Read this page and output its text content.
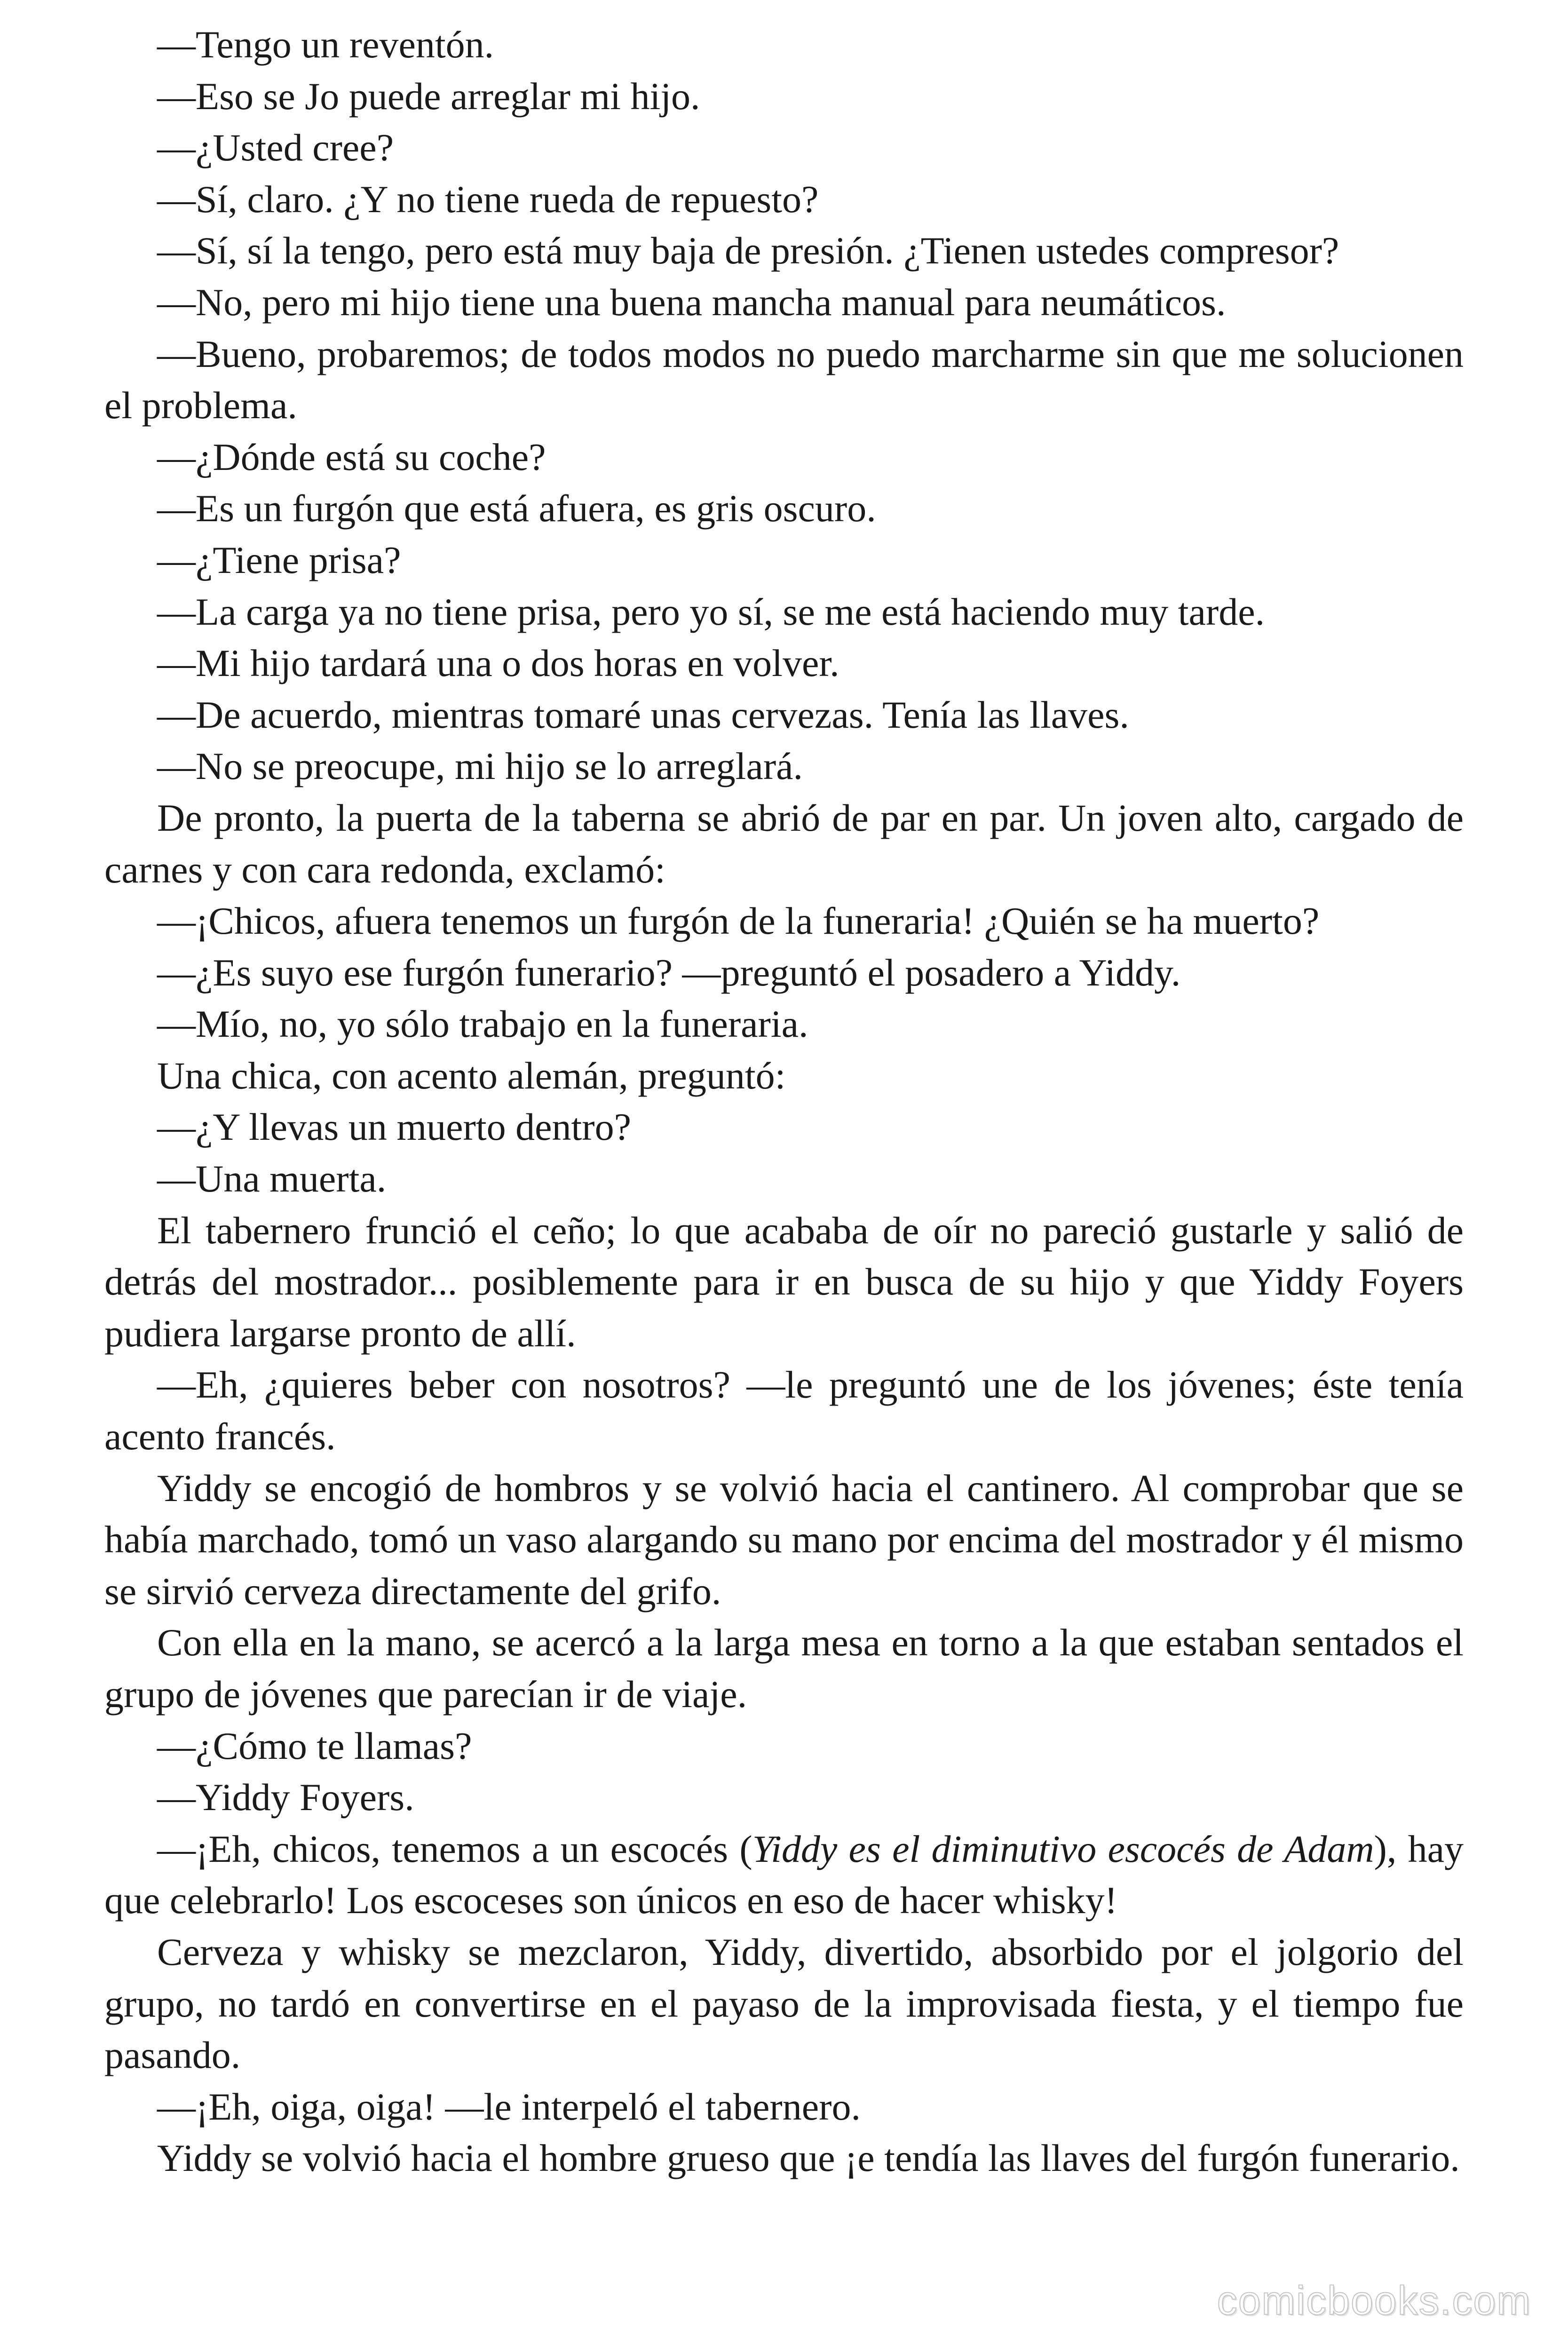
—Tengo un reventón.

—Eso se Jo puede arreglar mi hijo.

—¿Usted cree?

—Sí, claro. ¿Y no tiene rueda de repuesto?

—Sí, sí la tengo, pero está muy baja de presión. ¿Tienen ustedes compresor?

—No, pero mi hijo tiene una buena mancha manual para neumáticos.

—Bueno, probaremos; de todos modos no puedo marcharme sin que me solucionen el problema.

—¿Dónde está su coche?

—Es un furgón que está afuera, es gris oscuro.

—¿Tiene prisa?

—La carga ya no tiene prisa, pero yo sí, se me está haciendo muy tarde.

—Mi hijo tardará una o dos horas en volver.

—De acuerdo, mientras tomaré unas cervezas. Tenía las llaves.

—No se preocupe, mi hijo se lo arreglará.

De pronto, la puerta de la taberna se abrió de par en par. Un joven alto, cargado de carnes y con cara redonda, exclamó:

—¡Chicos, afuera tenemos un furgón de la funeraria! ¿Quién se ha muerto?

—¿Es suyo ese furgón funerario? —preguntó el posadero a Yiddy.

—Mío, no, yo sólo trabajo en la funeraria.

Una chica, con acento alemán, preguntó:

—¿Y llevas un muerto dentro?

—Una muerta.

El tabernero frunció el ceño; lo que acababa de oír no pareció gustarle y salió de detrás del mostrador... posiblemente para ir en busca de su hijo y que Yiddy Foyers pudiera largarse pronto de allí.

—Eh, ¿quieres beber con nosotros? —le preguntó une de los jóvenes; éste tenía acento francés.

Yiddy se encogió de hombros y se volvió hacia el cantinero. Al comprobar que se había marchado, tomó un vaso alargando su mano por encima del mostrador y él mismo se sirvió cerveza directamente del grifo.

Con ella en la mano, se acercó a la larga mesa en torno a la que estaban sentados el grupo de jóvenes que parecían ir de viaje.

—¿Cómo te llamas?

—Yiddy Foyers.

—¡Eh, chicos, tenemos a un escocés (Yiddy es el diminutivo escocés de Adam), hay que celebrarlo! Los escoceses son únicos en eso de hacer whisky!

Cerveza y whisky se mezclaron, Yiddy, divertido, absorbido por el jolgorio del grupo, no tardó en convertirse en el payaso de la improvisada fiesta, y el tiempo fue pasando.

—¡Eh, oiga, oiga! —le interpeló el tabernero.

Yiddy se volvió hacia el hombre grueso que ¡e tendía las llaves del furgón funerario.

comicbooks.com
